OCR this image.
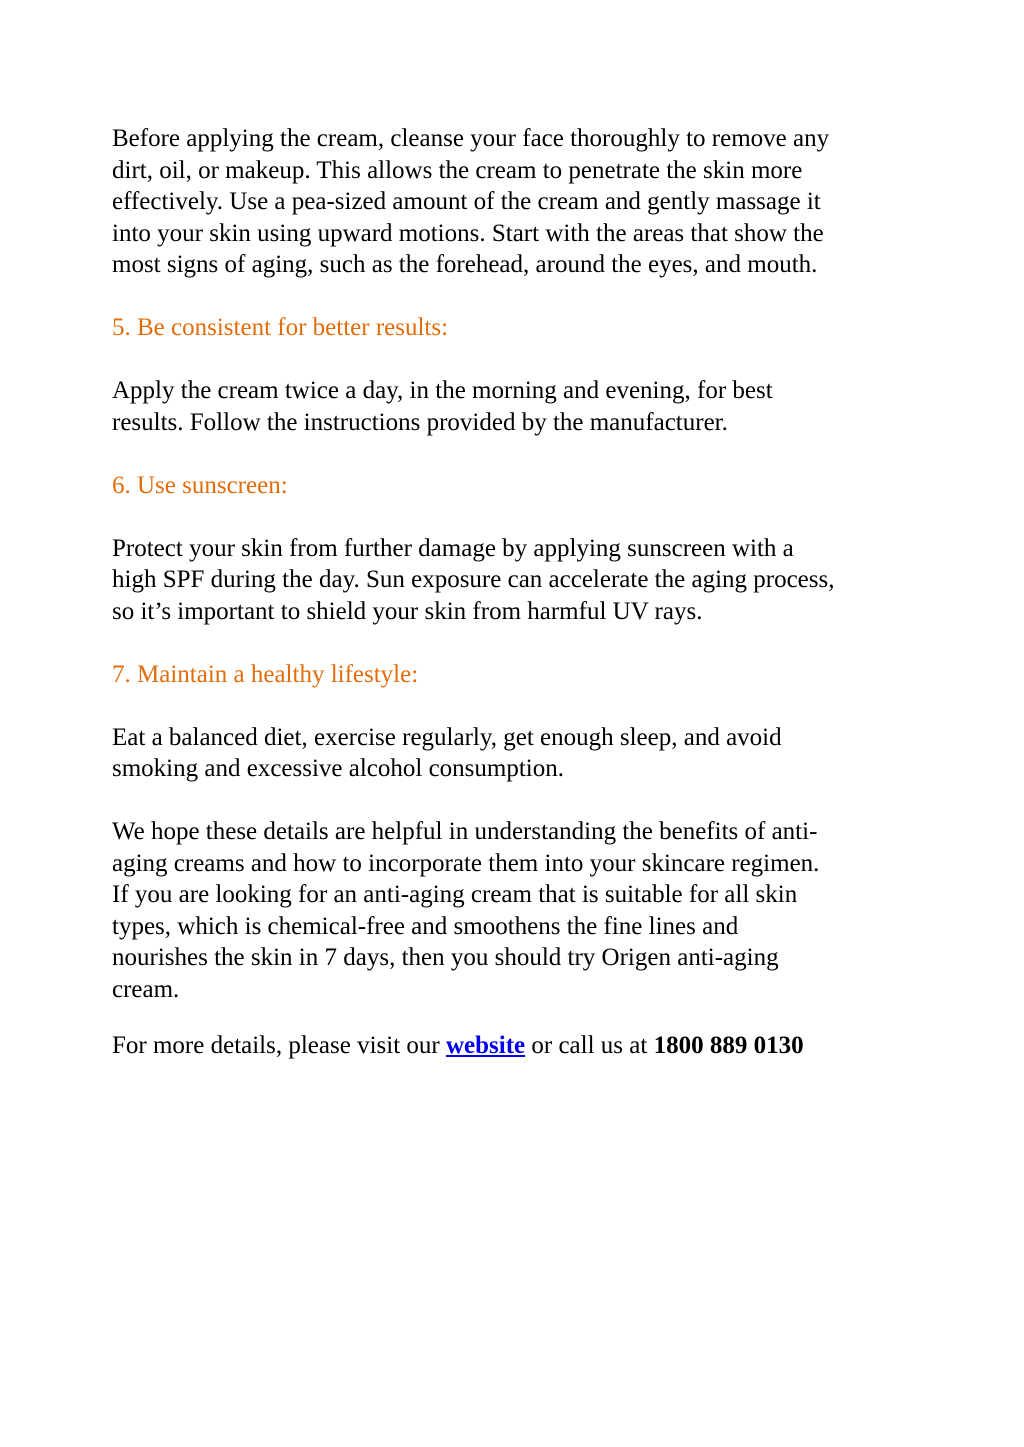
Before applying the cream, cleanse your face thoroughly to remove any
dirt, oil, or makeup. This allows the cream to penetrate the skin more
effectively. Use a pea-sized amount of the cream and gently massage it
into your skin using upward motions. Start with the areas that show the
most signs of aging, such as the forehead, around the eyes, and mouth.

5. Be consistent for better results:

Apply the cream twice a day, in the morning and evening, for best
results. Follow the instructions provided by the manufacturer.

6. Use sunscreen:

Protect your skin from further damage by applying sunscreen with a
high SPF during the day. Sun exposure can accelerate the aging process,
so it’s important to shield your skin from harmful UV rays.

7. Maintain a healthy lifestyle:

Eat a balanced diet, exercise regularly, get enough sleep, and avoid
smoking and excessive alcohol consumption.

We hope these details are helpful in understanding the benefits of anti-
aging creams and how to incorporate them into your skincare regimen.
If you are looking for an anti-aging cream that is suitable for all skin
types, which is chemical-free and smoothens the fine lines and
nourishes the skin in 7 days, then you should try Origen anti-aging
cream.

For more details, please visit our website or call us at 1800 889 0130
